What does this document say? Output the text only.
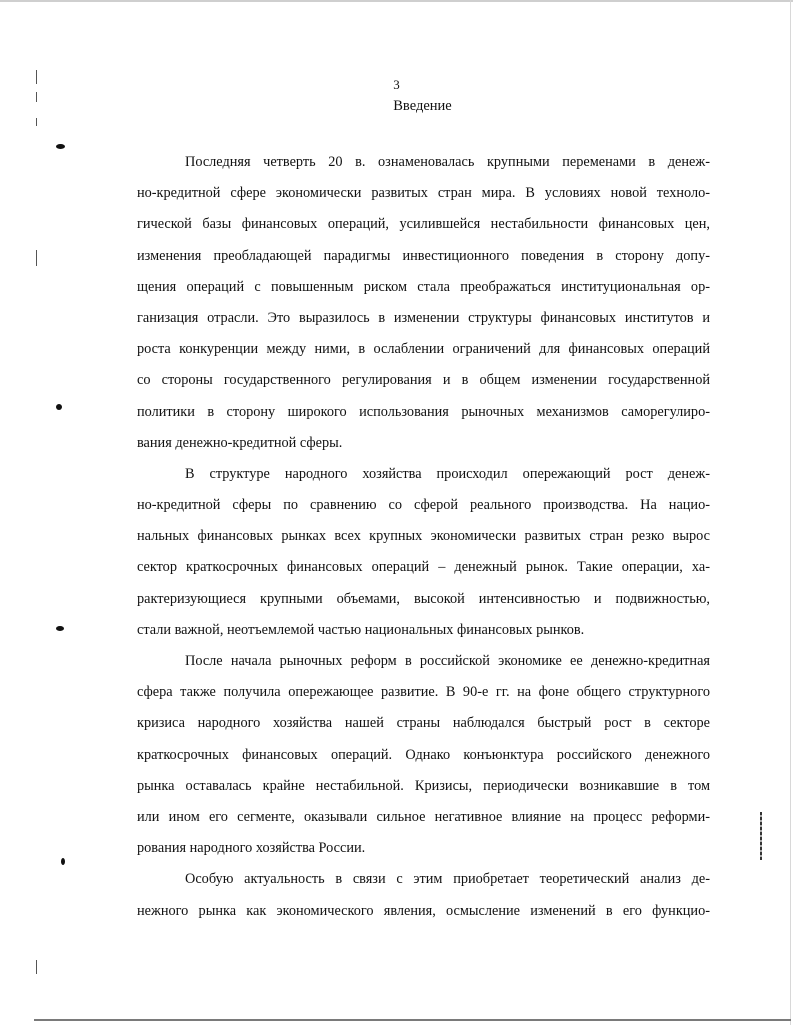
3
Введение
Последняя четверть 20 в. ознаменовалась крупными переменами в денеж-
но-кредитной сфере экономически развитых стран мира. В условиях новой техноло-
гической базы финансовых операций, усилившейся нестабильности финансовых цен,
изменения преобладающей парадигмы инвестиционного поведения в сторону допу-
щения операций с повышенным риском стала преображаться институциональная ор-
ганизация отрасли. Это выразилось в изменении структуры финансовых институтов и
роста конкуренции между ними, в ослаблении ограничений для финансовых операций
со стороны государственного регулирования и в общем изменении государственной
политики в сторону широкого использования рыночных механизмов саморегулиро-
вания денежно-кредитной сферы.
В структуре народного хозяйства происходил опережающий рост денеж-
но-кредитной сферы по сравнению со сферой реального производства. На нацио-
нальных финансовых рынках всех крупных экономически развитых стран резко вырос
сектор краткосрочных финансовых операций – денежный рынок. Такие операции, ха-
рактеризующиеся крупными объемами, высокой интенсивностью и подвижностью,
стали важной, неотъемлемой частью национальных финансовых рынков.
После начала рыночных реформ в российской экономике ее денежно-кредитная
сфера также получила опережающее развитие. В 90-е гг. на фоне общего структурного
кризиса народного хозяйства нашей страны наблюдался быстрый рост в секторе
краткосрочных финансовых операций. Однако конъюнктура российского денежного
рынка оставалась крайне нестабильной. Кризисы, периодически возникавшие в том
или ином его сегменте, оказывали сильное негативное влияние на процесс реформи-
рования народного хозяйства России.
Особую актуальность в связи с этим приобретает теоретический анализ де-
нежного рынка как экономического явления, осмысление изменений в его функцио-
